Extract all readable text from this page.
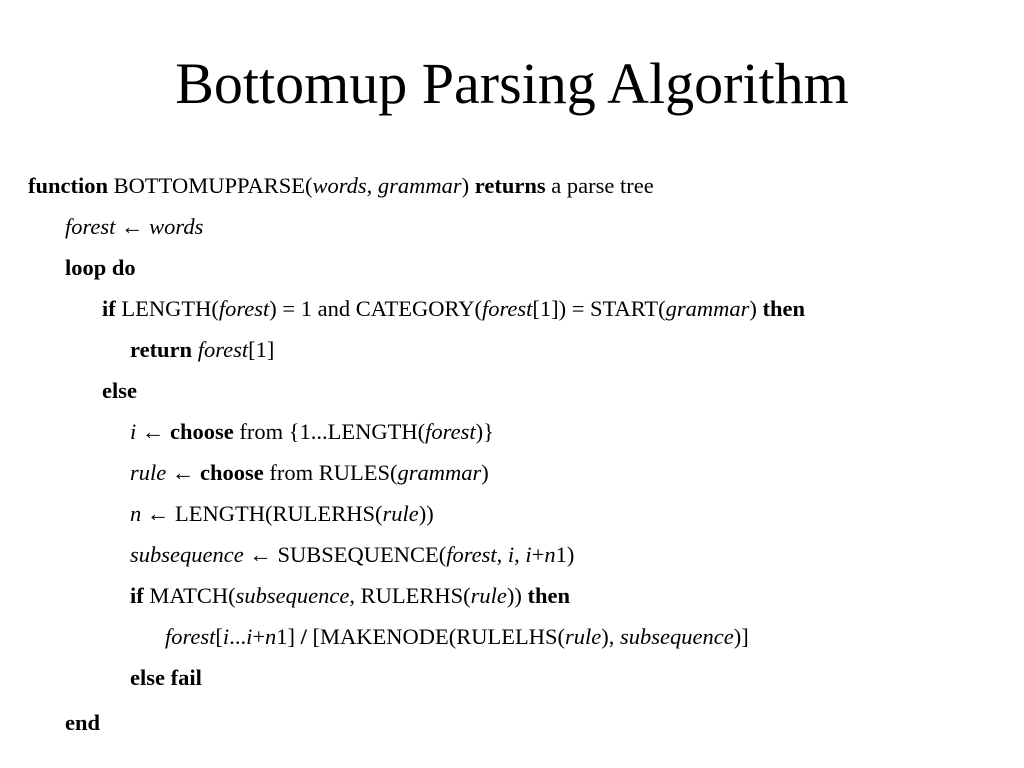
Bottomup Parsing Algorithm
function BOTTOMUPPARSE(words, grammar) returns a parse tree
forest ← words
loop do
if LENGTH(forest) = 1 and CATEGORY(forest[1]) = START(grammar) then
return forest[1]
else
i ← choose from {1...LENGTH(forest)}
rule ← choose from RULES(grammar)
n ← LENGTH(RULERHS(rule))
subsequence ← SUBSEQUENCE(forest, i, i+n1)
if MATCH(subsequence, RULERHS(rule)) then
forest[i...i+n1] / [MAKENODE(RULELHS(rule), subsequence)]
else fail
end
